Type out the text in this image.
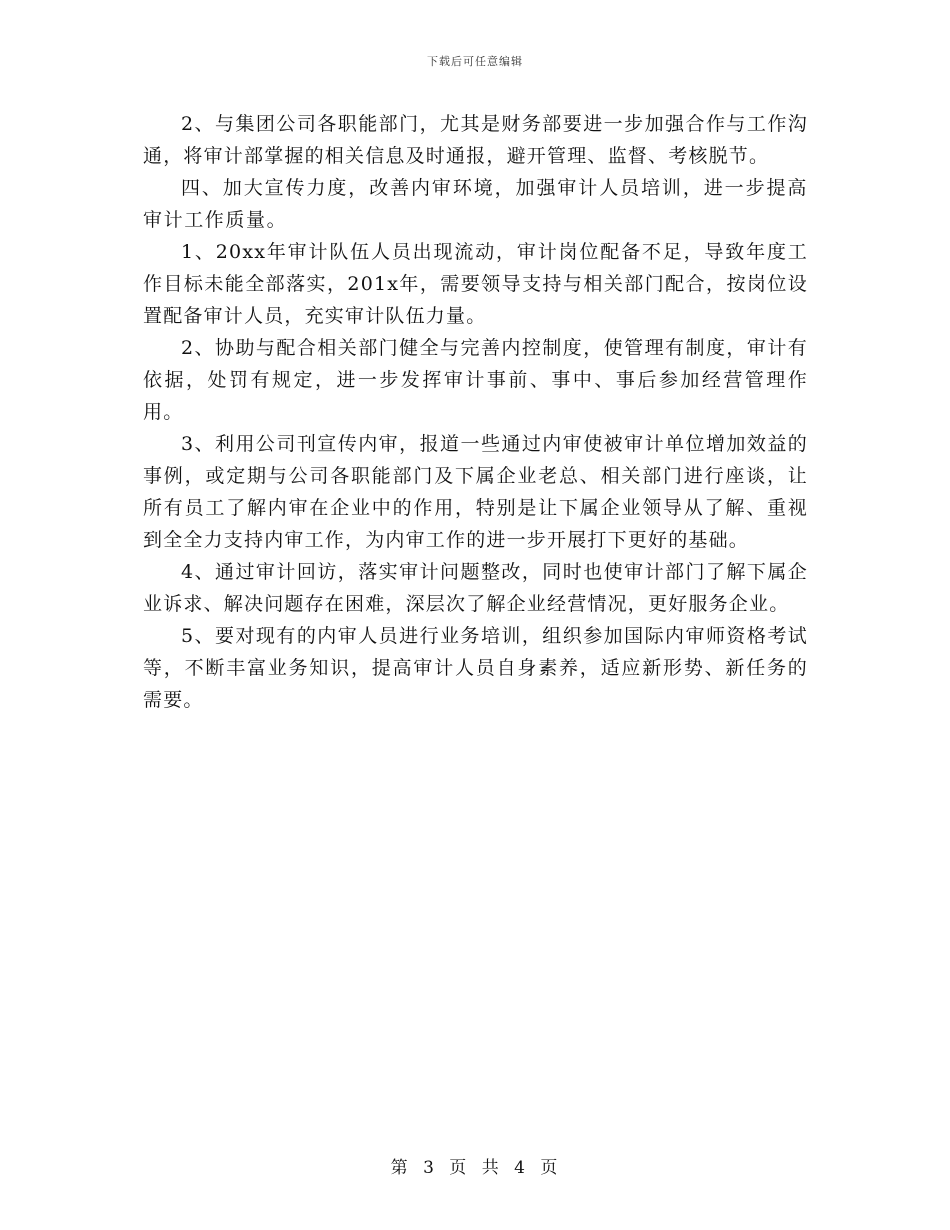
下载后可任意编辑

2、与集团公司各职能部门，尤其是财务部要进一步加强合作与工作沟通，将审计部掌握的相关信息及时通报，避开管理、监督、考核脱节。

四、加大宣传力度，改善内审环境，加强审计人员培训，进一步提高审计工作质量。

1、20xx年审计队伍人员出现流动，审计岗位配备不足，导致年度工作目标未能全部落实，201x年，需要领导支持与相关部门配合，按岗位设置配备审计人员，充实审计队伍力量。

2、协助与配合相关部门健全与完善内控制度，使管理有制度，审计有依据，处罚有规定，进一步发挥审计事前、事中、事后参加经营管理作用。

3、利用公司刊宣传内审，报道一些通过内审使被审计单位增加效益的事例，或定期与公司各职能部门及下属企业老总、相关部门进行座谈，让所有员工了解内审在企业中的作用，特别是让下属企业领导从了解、重视到全全力支持内审工作，为内审工作的进一步开展打下更好的基础。

4、通过审计回访，落实审计问题整改，同时也使审计部门了解下属企业诉求、解决问题存在困难，深层次了解企业经营情况，更好服务企业。

5、要对现有的内审人员进行业务培训，组织参加国际内审师资格考试等，不断丰富业务知识，提高审计人员自身素养，适应新形势、新任务的需要。

第 3 页 共 4 页
